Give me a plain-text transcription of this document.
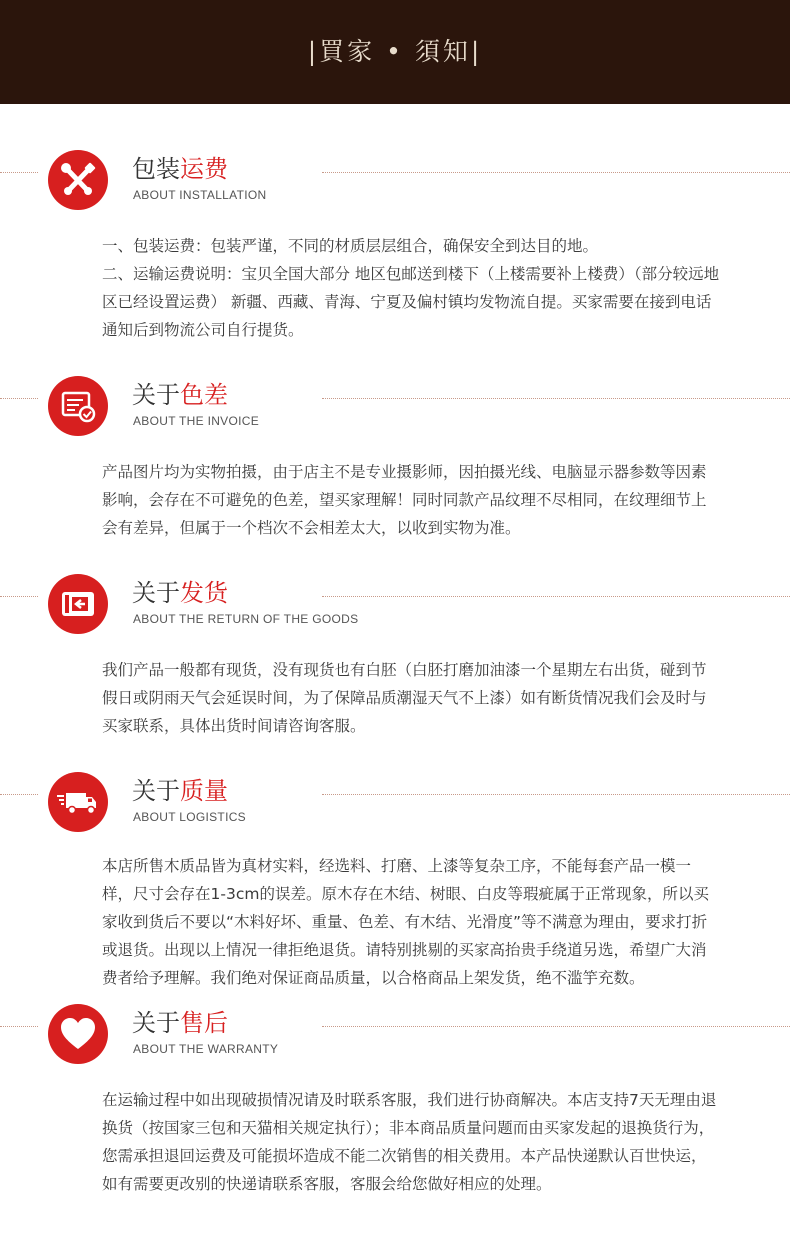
|買家 • 須知|
包装运费
ABOUT INSTALLATION

一、包装运费：包装严谨，不同的材质层层组合，确保安全到达目的地。

二、运输运费说明：宝贝全国大部分 地区包邮送到楼下（上楼需要补上楼费）（部分较远地区已经设置运费） 新疆、西藏、青海、宁夏及偏村镇均发物流自提。买家需要在接到电话通知后到物流公司自行提货。

关于色差
ABOUT THE INVOICE

产品图片均为实物拍摄，由于店主不是专业摄影师，因拍摄光线、电脑显示器参数等因素影响，会存在不可避免的色差，望买家理解！同时同款产品纹理不尽相同，在纹理细节上会有差异，但属于一个档次不会相差太大，以收到实物为准。

关于发货
ABOUT THE RETURN OF THE GOODS

我们产品一般都有现货，没有现货也有白胚（白胚打磨加油漆一个星期左右出货，碰到节假日或阴雨天气会延误时间，为了保障品质潮湿天气不上漆）如有断货情况我们会及时与买家联系，具体出货时间请咨询客服。

关于质量
ABOUT LOGISTICS

本店所售木质品皆为真材实料，经选料、打磨、上漆等复杂工序，不能每套产品一模一样，尺寸会存在1-3cm的误差。原木存在木结、树眼、白皮等瑕疵属于正常现象，所以买家收到货后不要以“木料好坏、重量、色差、有木结、光滑度”等不满意为理由，要求打折或退货。出现以上情况一律拒绝退货。请特别挑剔的买家高抬贵手绕道另选，希望广大消费者给予理解。我们绝对保证商品质量，以合格商品上架发货，绝不滥竽充数。

关于售后
ABOUT THE WARRANTY

在运输过程中如出现破损情况请及时联系客服，我们进行协商解决。本店支持7天无理由退换货（按国家三包和天猫相关规定执行）；非本商品质量问题而由买家发起的退换货行为，您需承担退回运费及可能损坏造成不能二次销售的相关费用。本产品快递默认百世快运，如有需要更改别的快递请联系客服，客服会给您做好相应的处理。
